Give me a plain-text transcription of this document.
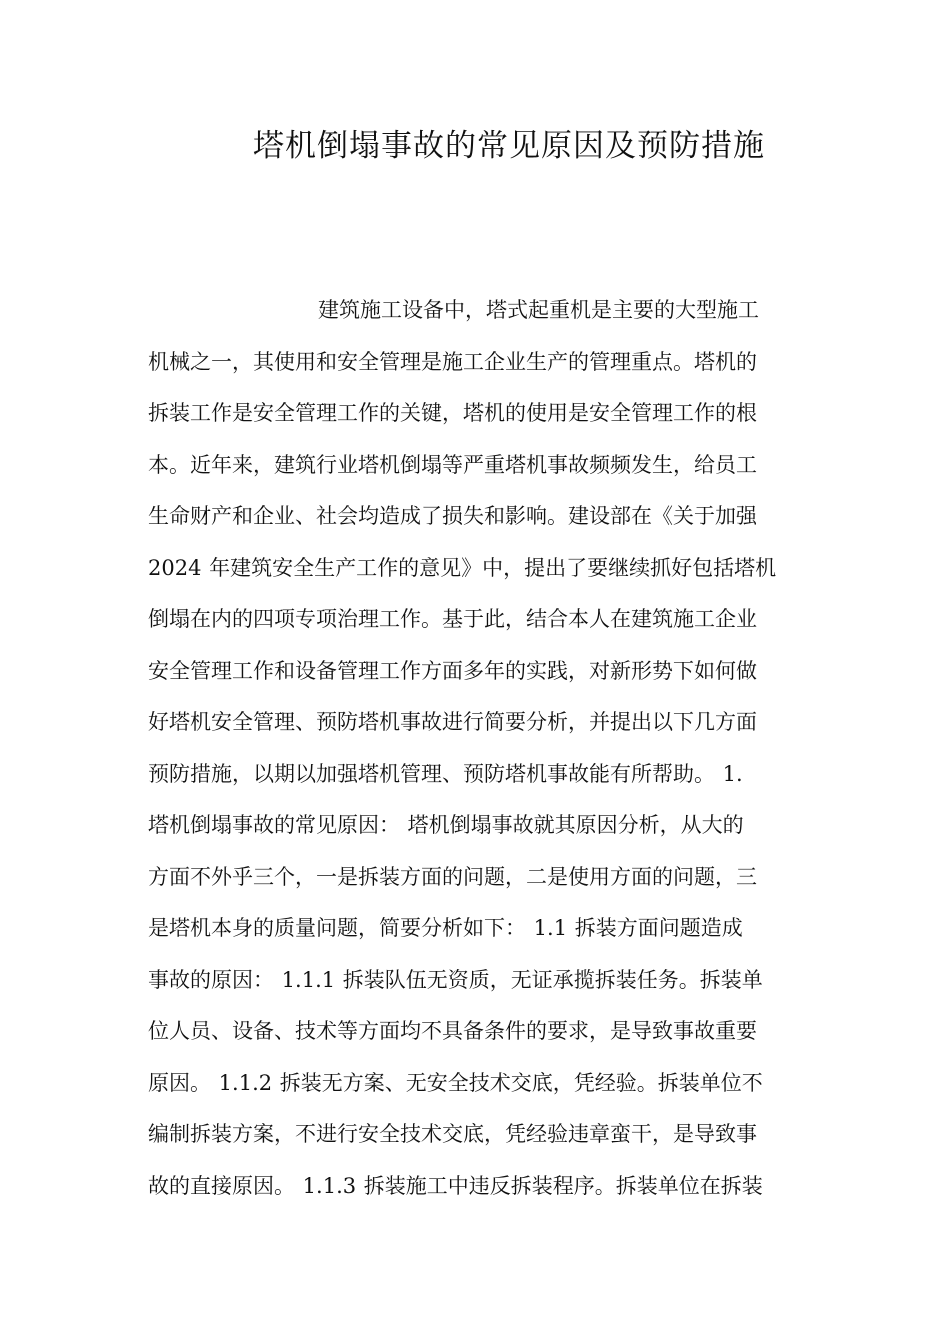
塔机倒塌事故的常见原因及预防措施
建筑施工设备中，塔式起重机是主要的大型施工
机械之一，其使用和安全管理是施工企业生产的管理重点。塔机的
拆装工作是安全管理工作的关键，塔机的使用是安全管理工作的根
本。近年来，建筑行业塔机倒塌等严重塔机事故频频发生，给员工
生命财产和企业、社会均造成了损失和影响。建设部在《关于加强
2024 年建筑安全生产工作的意见》中，提出了要继续抓好包括塔机
倒塌在内的四项专项治理工作。基于此，结合本人在建筑施工企业
安全管理工作和设备管理工作方面多年的实践，对新形势下如何做
好塔机安全管理、预防塔机事故进行简要分析，并提出以下几方面
预防措施，以期以加强塔机管理、预防塔机事故能有所帮助。 1.
塔机倒塌事故的常见原因： 塔机倒塌事故就其原因分析，从大的
方面不外乎三个，一是拆装方面的问题，二是使用方面的问题，三
是塔机本身的质量问题，简要分析如下： 1.1 拆装方面问题造成
事故的原因： 1.1.1 拆装队伍无资质，无证承揽拆装任务。拆装单
位人员、设备、技术等方面均不具备条件的要求，是导致事故重要
原因。 1.1.2 拆装无方案、无安全技术交底，凭经验。拆装单位不
编制拆装方案，不进行安全技术交底，凭经验违章蛮干，是导致事
故的直接原因。 1.1.3 拆装施工中违反拆装程序。拆装单位在拆装
